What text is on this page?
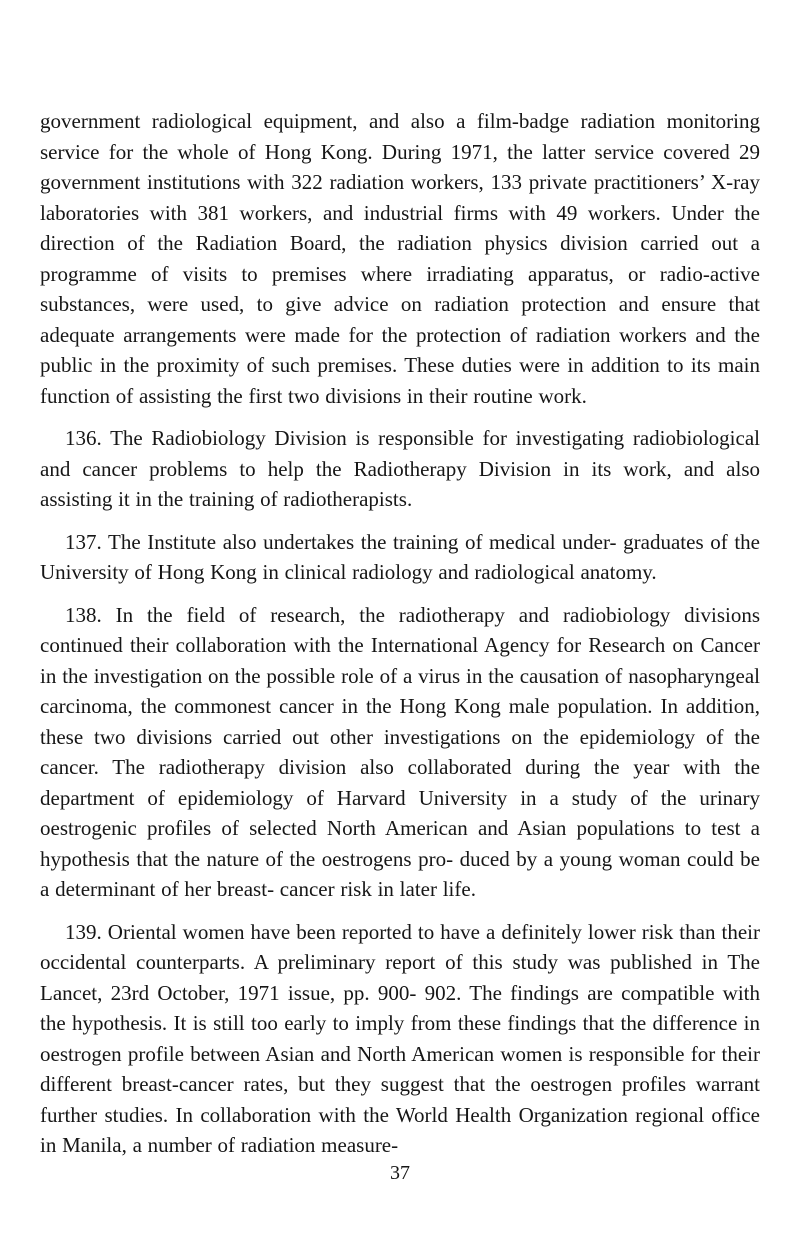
government radiological equipment, and also a film-badge radiation monitoring service for the whole of Hong Kong. During 1971, the latter service covered 29 government institutions with 322 radiation workers, 133 private practitioners’ X-ray laboratories with 381 workers, and industrial firms with 49 workers. Under the direction of the Radiation Board, the radiation physics division carried out a programme of visits to premises where irradiating apparatus, or radio-active substances, were used, to give advice on radiation protection and ensure that adequate arrangements were made for the protection of radiation workers and the public in the proximity of such premises. These duties were in addition to its main function of assisting the first two divisions in their routine work.

136. The Radiobiology Division is responsible for investigating radiobiological and cancer problems to help the Radiotherapy Division in its work, and also assisting it in the training of radiotherapists.

137. The Institute also undertakes the training of medical under- graduates of the University of Hong Kong in clinical radiology and radiological anatomy.

138. In the field of research, the radiotherapy and radiobiology divisions continued their collaboration with the International Agency for Research on Cancer in the investigation on the possible role of a virus in the causation of nasopharyngeal carcinoma, the commonest cancer in the Hong Kong male population. In addition, these two divisions carried out other investigations on the epidemiology of the cancer. The radiotherapy division also collaborated during the year with the department of epidemiology of Harvard University in a study of the urinary oestrogenic profiles of selected North American and Asian populations to test a hypothesis that the nature of the oestrogens pro- duced by a young woman could be a determinant of her breast- cancer risk in later life.

139. Oriental women have been reported to have a definitely lower risk than their occidental counterparts. A preliminary report of this study was published in The Lancet, 23rd October, 1971 issue, pp. 900- 902. The findings are compatible with the hypothesis. It is still too early to imply from these findings that the difference in oestrogen profile between Asian and North American women is responsible for their different breast-cancer rates, but they suggest that the oestrogen profiles warrant further studies. In collaboration with the World Health Organization regional office in Manila, a number of radiation measure-

37
